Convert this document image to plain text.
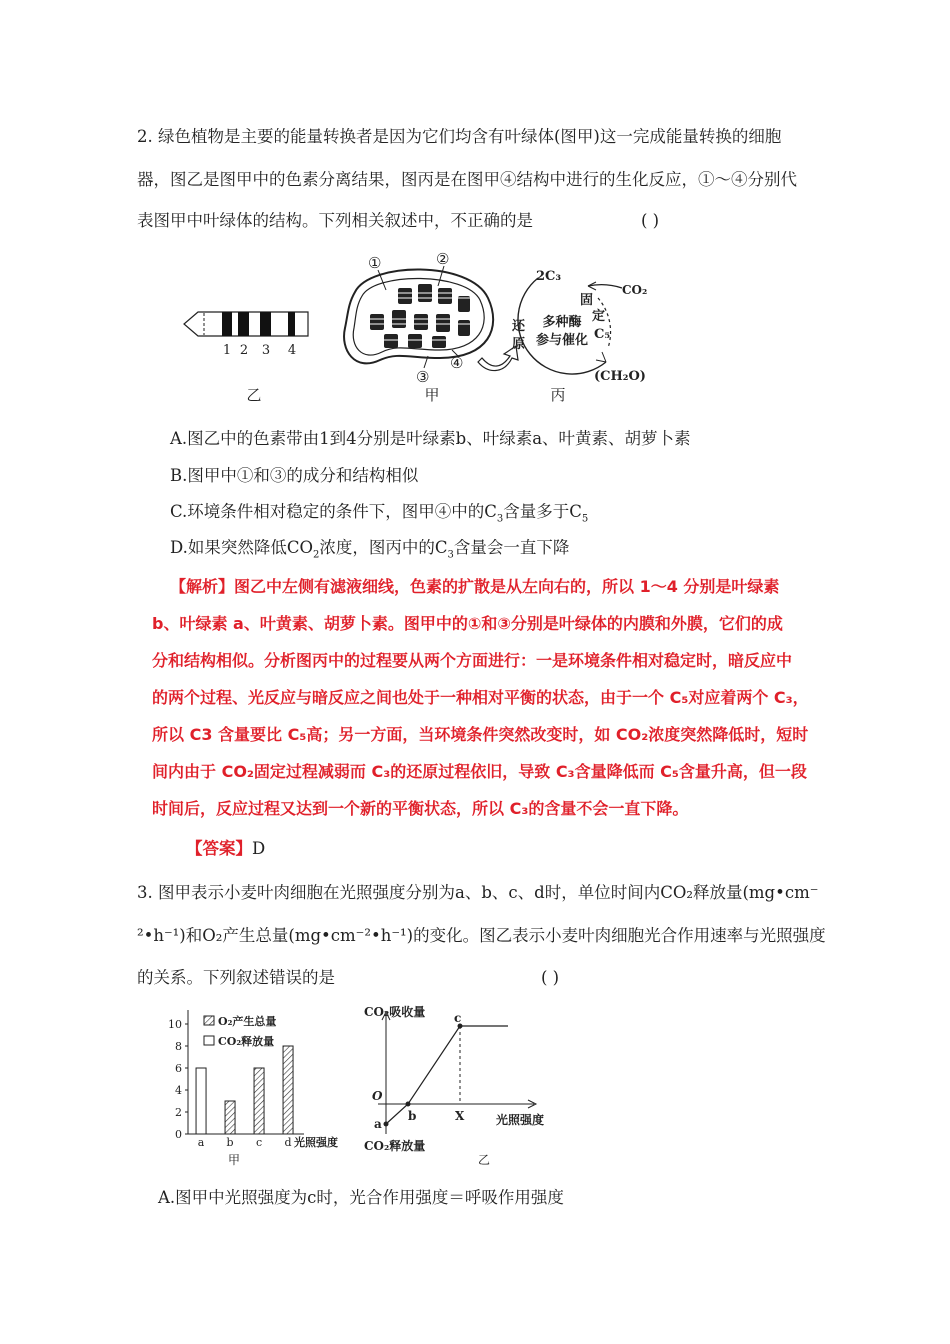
2. 绿色植物是主要的能量转换者是因为它们均含有叶绿体(图甲)这一完成能量转换的细胞
器，图乙是图甲中的色素分离结果，图丙是在图甲④结构中进行的生化反应，①～④分别代
表图甲中叶绿体的结构。下列相关叙述中，不正确的是	( )
1 2 3 4
乙
①	②
③
④
甲
2C₃
CO₂
固
定
还
原
多种酶
参与催化 C₅
(CH₂O)
丙
A.图乙中的色素带由1到4分别是叶绿素b、叶绿素a、叶黄素、胡萝卜素
B.图甲中①和③的成分和结构相似
C.环境条件相对稳定的条件下，图甲④中的$C_3$含量多于$C_5$
D.如果突然降低$CO_2$浓度，图丙中的$C_3$含量会一直下降
【解析】图乙中左侧有滤液细线，色素的扩散是从左向右的，所以 1～4 分别是叶绿素
b、叶绿素 a、叶黄素、胡萝卜素。图甲中的①和③分别是叶绿体的内膜和外膜，它们的成
分和结构相似。分析图丙中的过程要从两个方面进行：一是环境条件相对稳定时，暗反应中
的两个过程、光反应与暗反应之间也处于一种相对平衡的状态，由于一个 C₅对应着两个 C₃，
所以 C3 含量要比 C₅高；另一方面，当环境条件突然改变时，如 CO₂浓度突然降低时，短时
间内由于 CO₂固定过程减弱而 C₃的还原过程依旧，导致 C₃含量降低而 C₅含量升高，但一段
时间后，反应过程又达到一个新的平衡状态，所以 C₃的含量不会一直下降。
【答案】D
3. 图甲表示小麦叶肉细胞在光照强度分别为a、b、c、d时，单位时间内CO₂释放量(mg•cm⁻
²•h⁻¹)和O₂产生总量(mg•cm⁻²•h⁻¹)的变化。图乙表示小麦叶肉细胞光合作用速率与光照强度
的关系。下列叙述错误的是	( )
0
2
4
6
8
10
a b c d 光照强度
O₂产生总量
CO₂释放量
甲
CO₂吸收量
CO₂释放量
光照强度
O
a
b
c
X
乙
A.图甲中光照强度为c时，光合作用强度＝呼吸作用强度
